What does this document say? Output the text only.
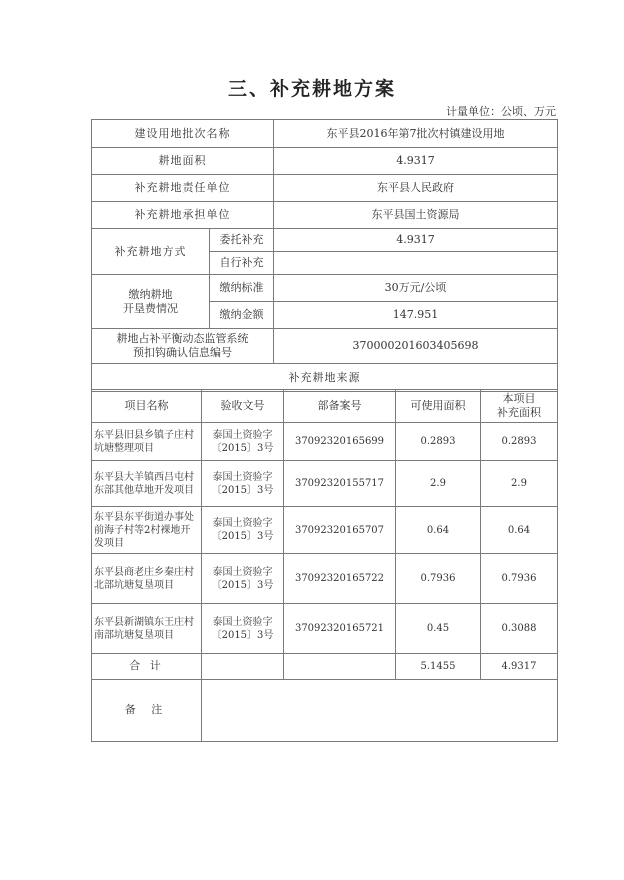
三、补充耕地方案
计量单位：公顷、万元
建设用地批次名称		东平县2016年第7批次村镇建设用地
耕地面积		4.9317
补充耕地责任单位		东平县人民政府
补充耕地承担单位		东平县国土资源局
补充耕地方式	委托补充	4.9317
	自行补充	

缴纳耕地
开垦费情况	缴纳标准	30万元/公顷
	缴纳金额	147.951

耕地占补平衡动态监管系统
预扣钩确认信息编号		370000201603405698
补充耕地来源		
项目名称	验收文号	部备案号	可使用面积	本项目
补充面积
东平县旧县乡镇子庄村坑塘整理项目	泰国土资验字〔2015〕3号	37092320165699	0.2893	0.2893
东平县大羊镇西吕屯村东部其他草地开发项目	泰国土资验字〔2015〕3号	37092320155717	2.9	2.9
东平县东平街道办事处前海子村等2村裸地开发项目	泰国土资验字〔2015〕3号	37092320165707	0.64	0.64
东平县商老庄乡秦庄村北部坑塘复垦项目	泰国土资验字〔2015〕3号	37092320165722	0.7936	0.7936
东平县新湖镇东王庄村南部坑塘复垦项目	泰国土资验字〔2015〕3号	37092320165721	0.45	0.3088
合 计			5.1455	4.9317
备 注				
